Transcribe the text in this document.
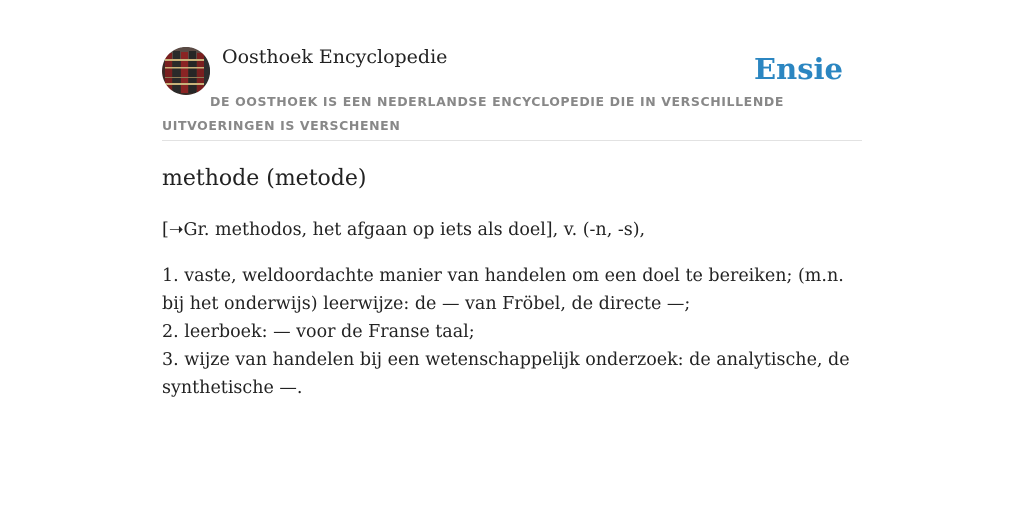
Oosthoek Encyclopedie	Ensie
DE OOSTHOEK IS EEN NEDERLANDSE ENCYCLOPEDIE DIE IN VERSCHILLENDE UITVOERINGEN IS VERSCHENEN
methode (metode)

[➝Gr. methodos, het afgaan op iets als doel], v. (-n, -s),

1. vaste, weldoordachte manier van handelen om een doel te bereiken; (m.n. bij het onderwijs) leerwijze: de — van Fröbel, de directe —;
2. leerboek: — voor de Franse taal;
3. wijze van handelen bij een wetenschappelijk onderzoek: de analytische, de synthetische —.
